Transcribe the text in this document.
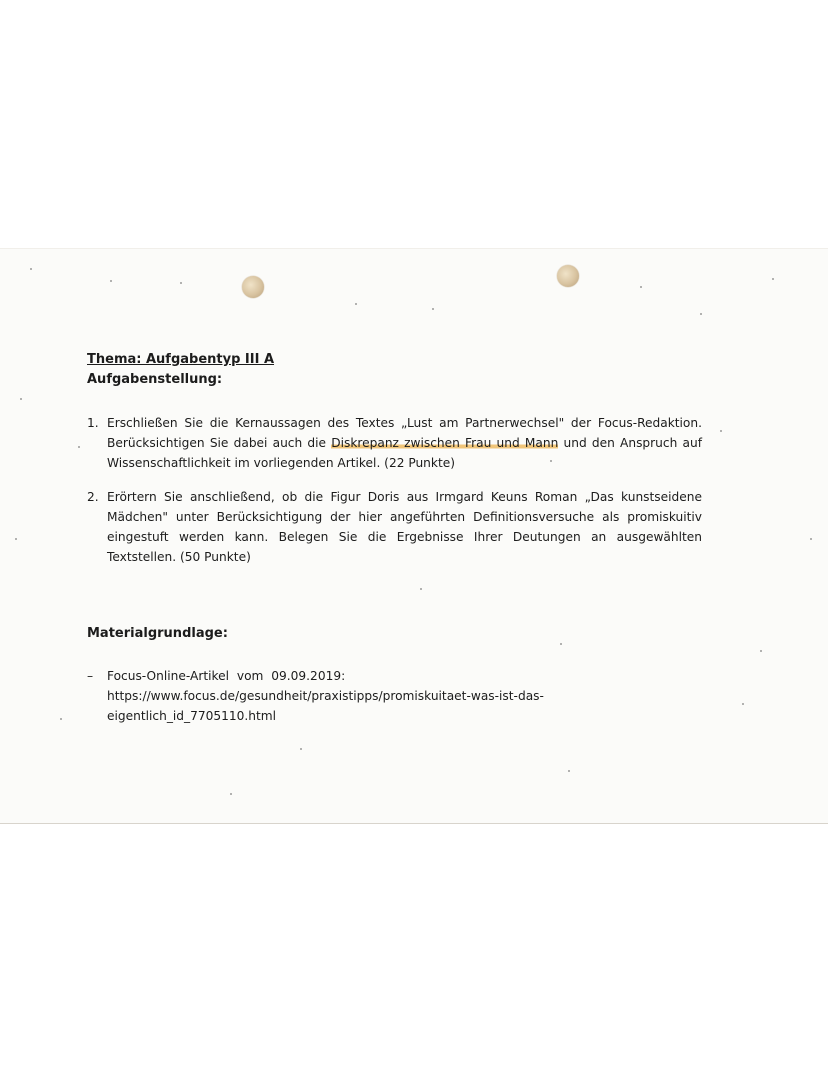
Thema: Aufgabentyp III A

Aufgabenstellung:

1. Erschließen Sie die Kernaussagen des Textes „Lust am Partnerwechsel" der Focus-Redaktion. Berücksichtigen Sie dabei auch die Diskrepanz zwischen Frau und Mann und den Anspruch auf Wissenschaftlichkeit im vorliegenden Artikel. (22 Punkte)
2. Erörtern Sie anschließend, ob die Figur Doris aus Irmgard Keuns Roman „Das kunstseidene Mädchen" unter Berücksichtigung der hier angeführten Definitionsversuche als promiskuitiv eingestuft werden kann. Belegen Sie die Ergebnisse Ihrer Deutungen an ausgewählten Textstellen. (50 Punkte)

Materialgrundlage:

– Focus-Online-Artikel vom 09.09.2019: https://www.focus.de/gesundheit/praxistipps/promiskuitaet-was-ist-das-eigentlich_id_7705110.html
